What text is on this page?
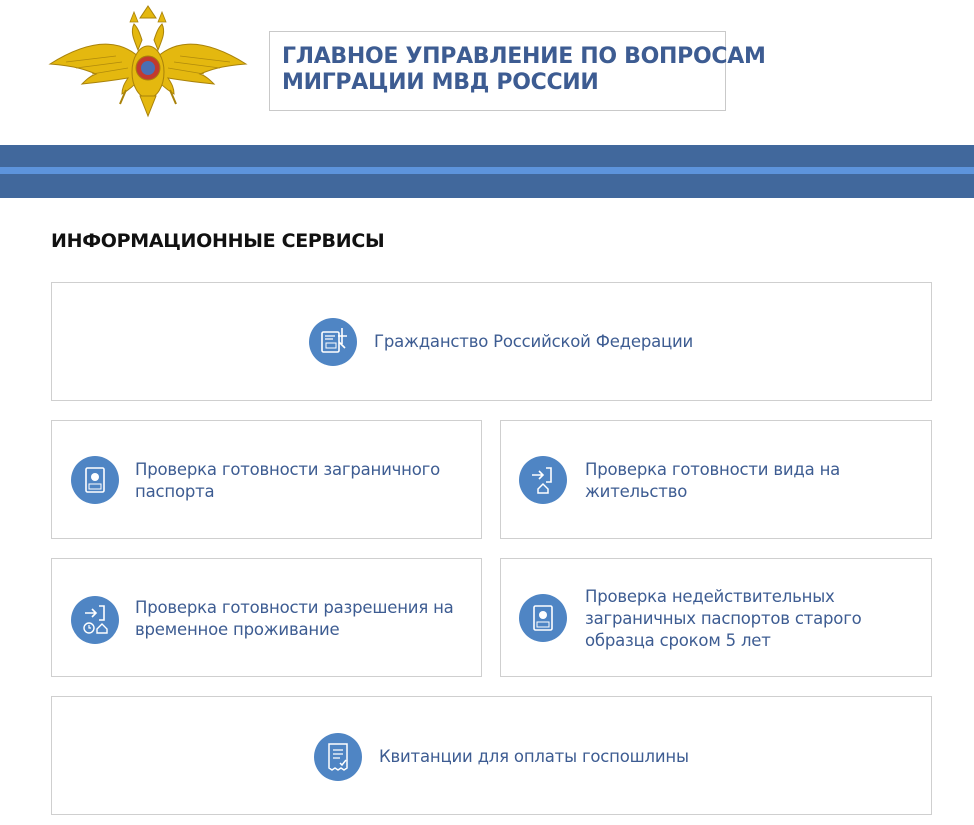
ГЛАВНОЕ УПРАВЛЕНИЕ ПО ВОПРОСАМ
МИГРАЦИИ МВД РОССИИ
ИНФОРМАЦИОННЫЕ СЕРВИСЫ
Гражданство Российской Федерации
Проверка готовности заграничного
паспорта
Проверка готовности вида на
жительство
Проверка готовности разрешения на
временное проживание
Проверка недействительных
заграничных паспортов старого
образца сроком 5 лет
Квитанции для оплаты госпошлины
